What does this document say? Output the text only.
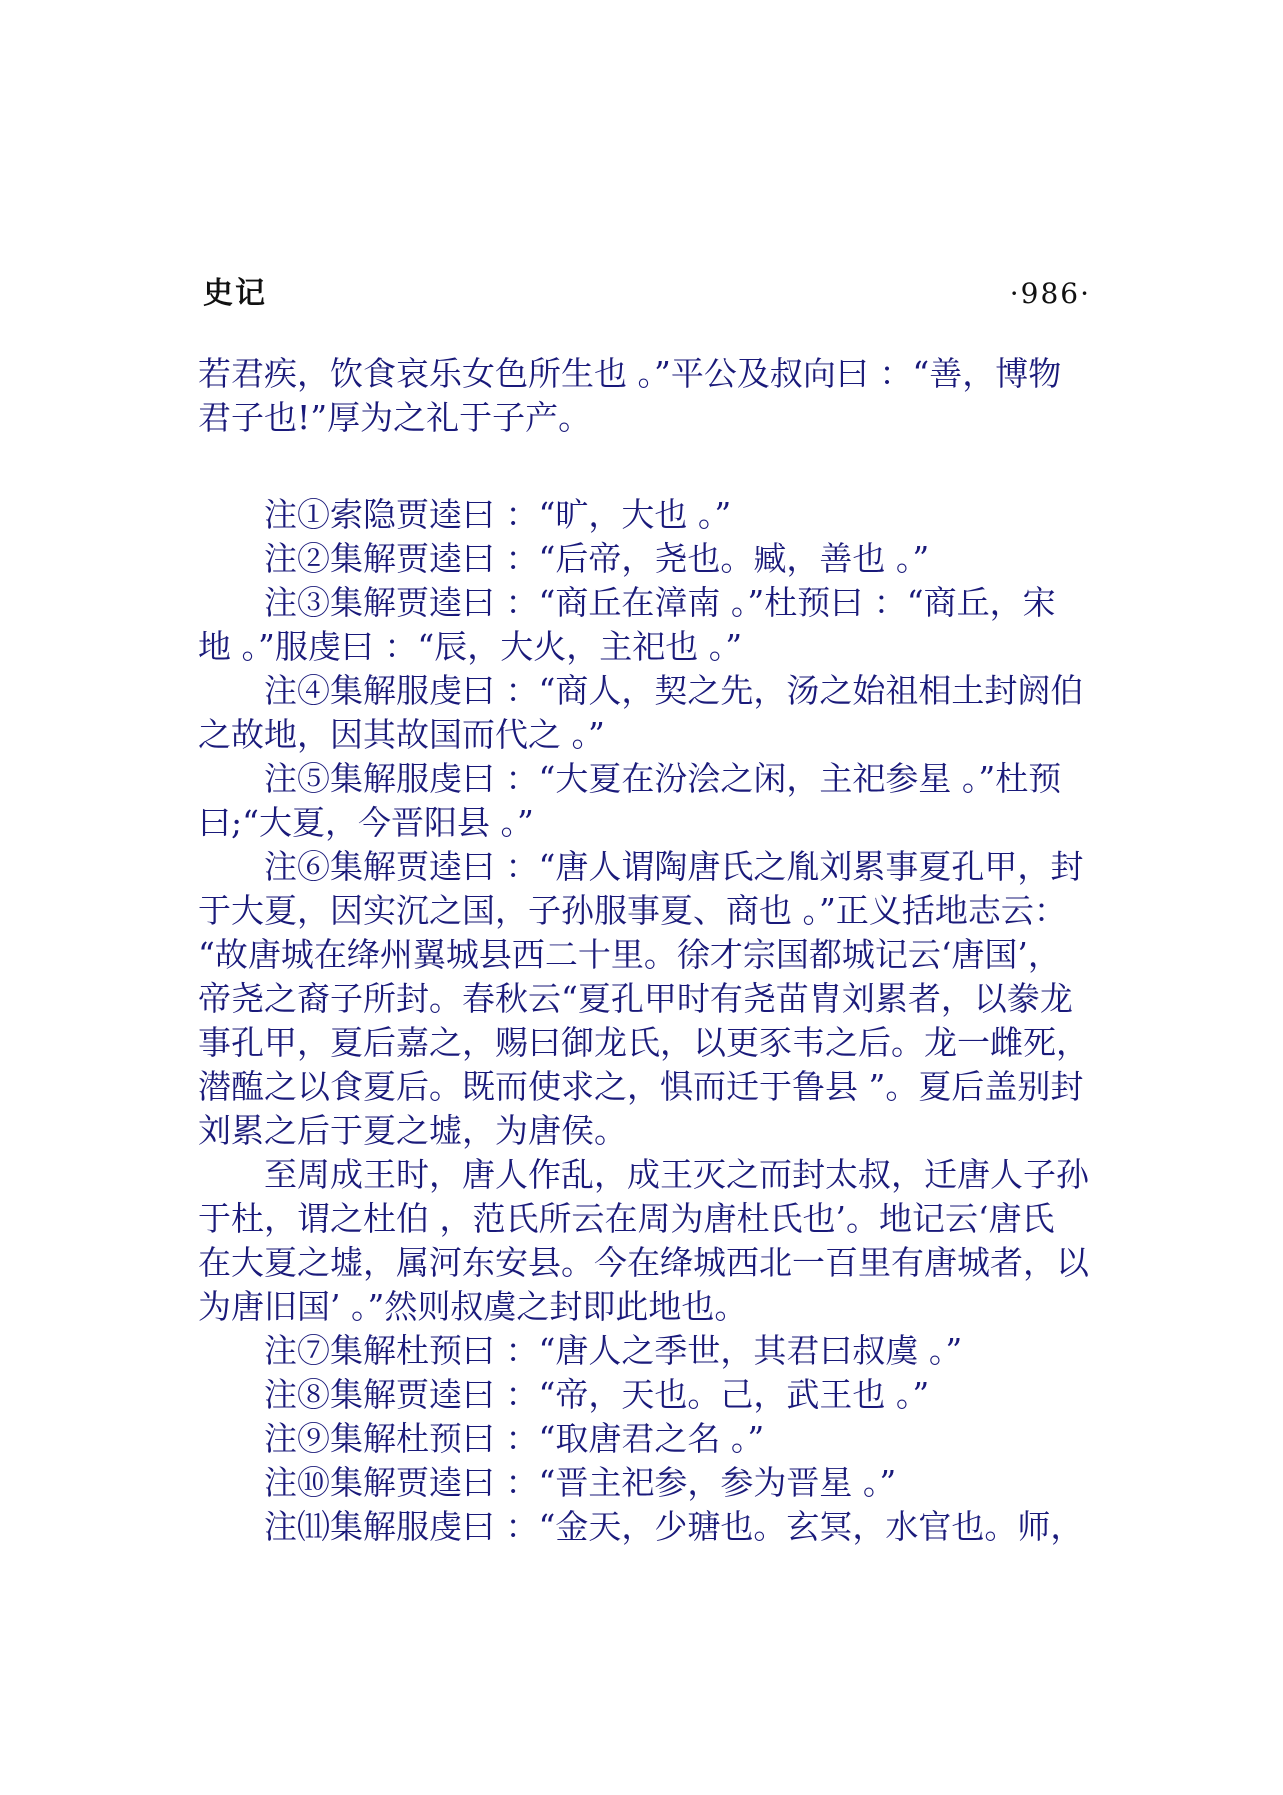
史记	·986·
若君疾，饮食哀乐女色所生也 。”平公及叔向曰 ：“善，博物
君子也!”厚为之礼于子产。
注①索隐贾逵曰 ：“旷，大也 。”
注②集解贾逵曰 ：“后帝，尧也。臧，善也 。”
注③集解贾逵曰 ：“商丘在漳南 。”杜预曰 ：“商丘，宋
地 。”服虔曰 ：“辰，大火，主祀也 。”
注④集解服虔曰 ：“商人，契之先，汤之始祖相土封阏伯
之故地，因其故国而代之 。”
注⑤集解服虔曰 ：“大夏在汾浍之闲，主祀参星 。”杜预
曰;“大夏，今晋阳县 。”
注⑥集解贾逵曰 ：“唐人谓陶唐氏之胤刘累事夏孔甲，封
于大夏，因实沉之国，子孙服事夏、商也 。”正义括地志云：
“故唐城在绛州翼城县西二十里。徐才宗国都城记云‘唐国’，
帝尧之裔子所封。春秋云“夏孔甲时有尧苗胄刘累者，以豢龙
事孔甲，夏后嘉之，赐曰御龙氏，以更豕韦之后。龙一雌死，
潜醢之以食夏后。既而使求之，惧而迁于鲁县 ”。夏后盖别封
刘累之后于夏之墟，为唐侯。
至周成王时，唐人作乱，成王灭之而封太叔，迁唐人子孙
于杜，谓之杜伯 ，范氏所云在周为唐杜氏也’。地记云‘唐氏
在大夏之墟，属河东安县。今在绛城西北一百里有唐城者，以
为唐旧国’ 。”然则叔虞之封即此地也。
注⑦集解杜预曰 ：“唐人之季世，其君曰叔虞 。”
注⑧集解贾逵曰 ：“帝，天也。己，武王也 。”
注⑨集解杜预曰 ：“取唐君之名 。”
注⑩集解贾逵曰 ：“晋主祀参，参为晋星 。”
注⑾集解服虔曰 ：“金天，少瑭也。玄冥，水官也。师，
